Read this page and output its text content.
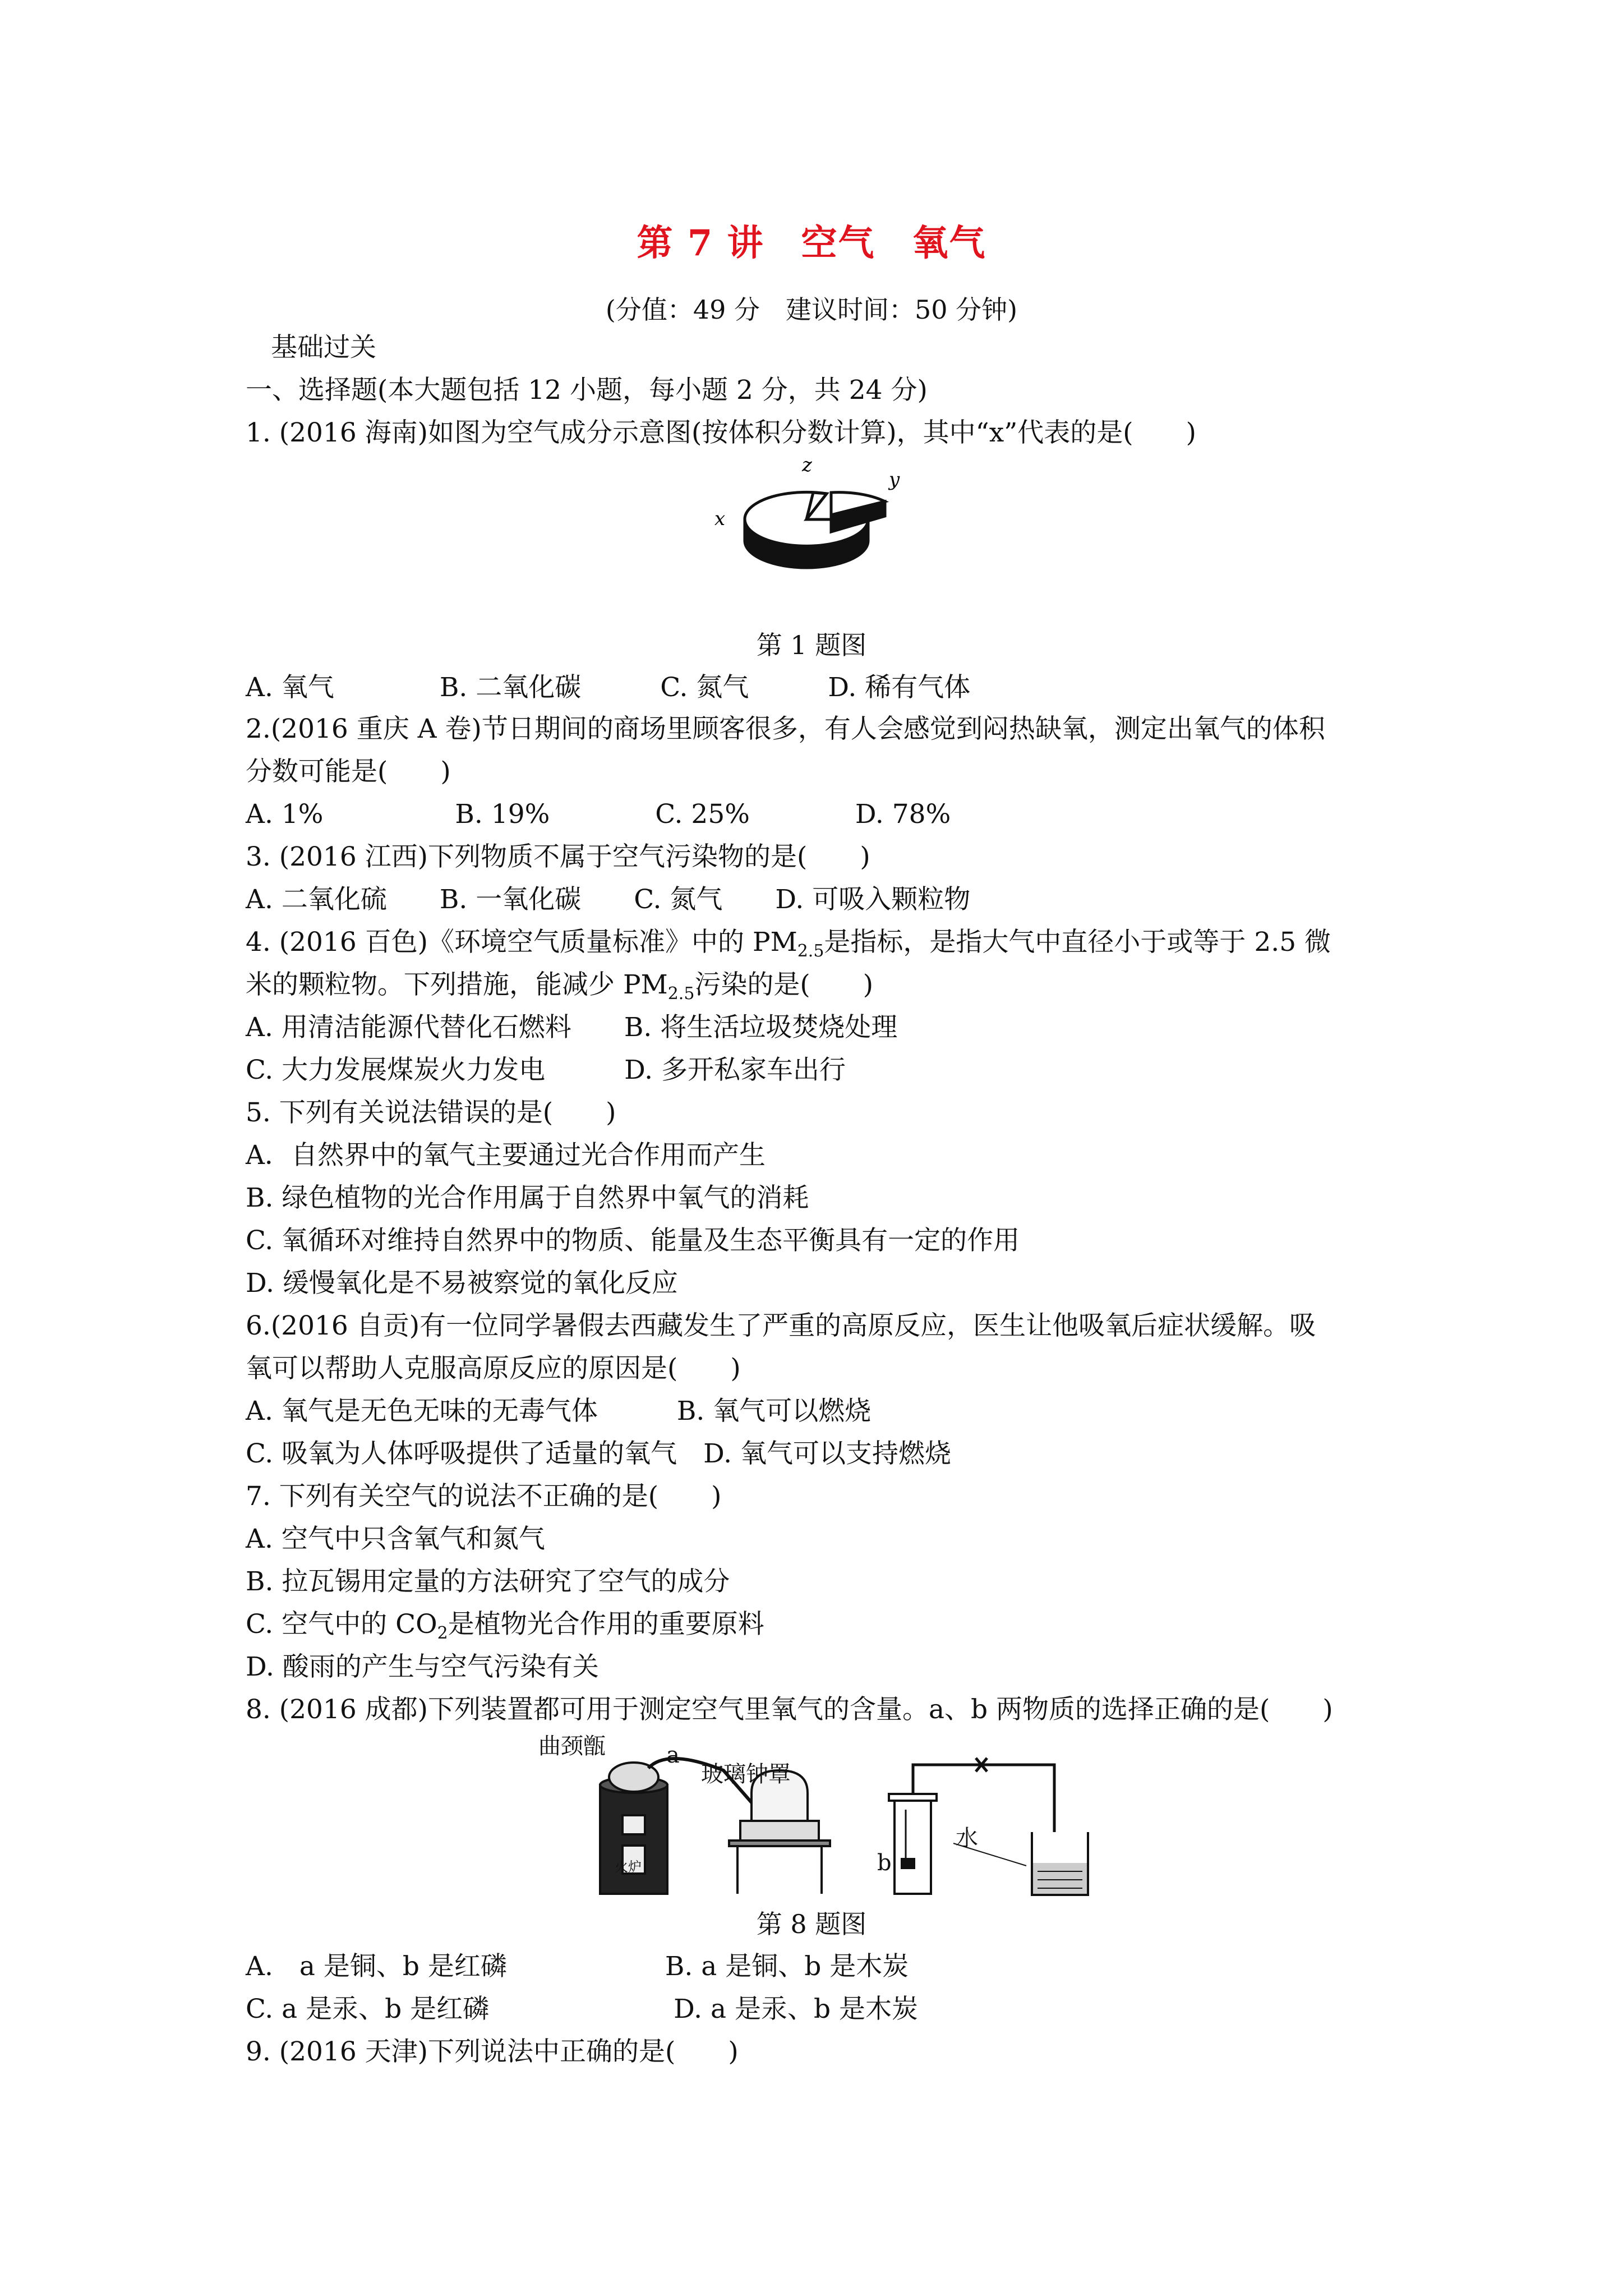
第 7 讲　空气　氧气
(分值：49 分　建议时间：50 分钟)
基础过关
一、选择题(本大题包括 12 小题，每小题 2 分，共 24 分)
1. (2016 海南)如图为空气成分示意图(按体积分数计算)，其中“x”代表的是(　　)
x
y
z
第 1 题图
A. 氧气　　　　B. 二氧化碳　　　C. 氮气　　　D. 稀有气体
2.(2016 重庆 A 卷)节日期间的商场里顾客很多，有人会感觉到闷热缺氧，测定出氧气的体积
分数可能是(　　)
A. 1%　　　　　B. 19%　　　　C. 25%　　　　D. 78%
3. (2016 江西)下列物质不属于空气污染物的是(　　)
A. 二氧化硫　　B. 一氧化碳　　C. 氮气　　D. 可吸入颗粒物
4. (2016 百色)《环境空气质量标准》中的 $PM_{2.5}$是指标，是指大气中直径小于或等于 2.5 微
米的颗粒物。下列措施，能减少 $PM_{2.5}$污染的是(　　)
A. 用清洁能源代替化石燃料　　B. 将生活垃圾焚烧处理
C. 大力发展煤炭火力发电　　　D. 多开私家车出行
5. 下列有关说法错误的是(　　)
A．自然界中的氧气主要通过光合作用而产生
B. 绿色植物的光合作用属于自然界中氧气的消耗
C. 氧循环对维持自然界中的物质、能量及生态平衡具有一定的作用
D. 缓慢氧化是不易被察觉的氧化反应
6.(2016 自贡)有一位同学暑假去西藏发生了严重的高原反应，医生让他吸氧后症状缓解。吸
氧可以帮助人克服高原反应的原因是(　　)
A. 氧气是无色无味的无毒气体　　　B. 氧气可以燃烧
C. 吸氧为人体呼吸提供了适量的氧气　D. 氧气可以支持燃烧
7. 下列有关空气的说法不正确的是(　　)
A. 空气中只含氧气和氮气
B. 拉瓦锡用定量的方法研究了空气的成分
C. 空气中的 $CO_2$是植物光合作用的重要原料
D. 酸雨的产生与空气污染有关
8. (2016 成都)下列装置都可用于测定空气里氧气的含量。a、b 两物质的选择正确的是(　　)
曲颈甑	a
玻璃钟罩
火炉	b
水
第 8 题图
A.　a 是铜、b 是红磷　　　　　　B. a 是铜、b 是木炭
C. a 是汞、b 是红磷　　　　　　　D. a 是汞、b 是木炭
9. (2016 天津)下列说法中正确的是(　　)
